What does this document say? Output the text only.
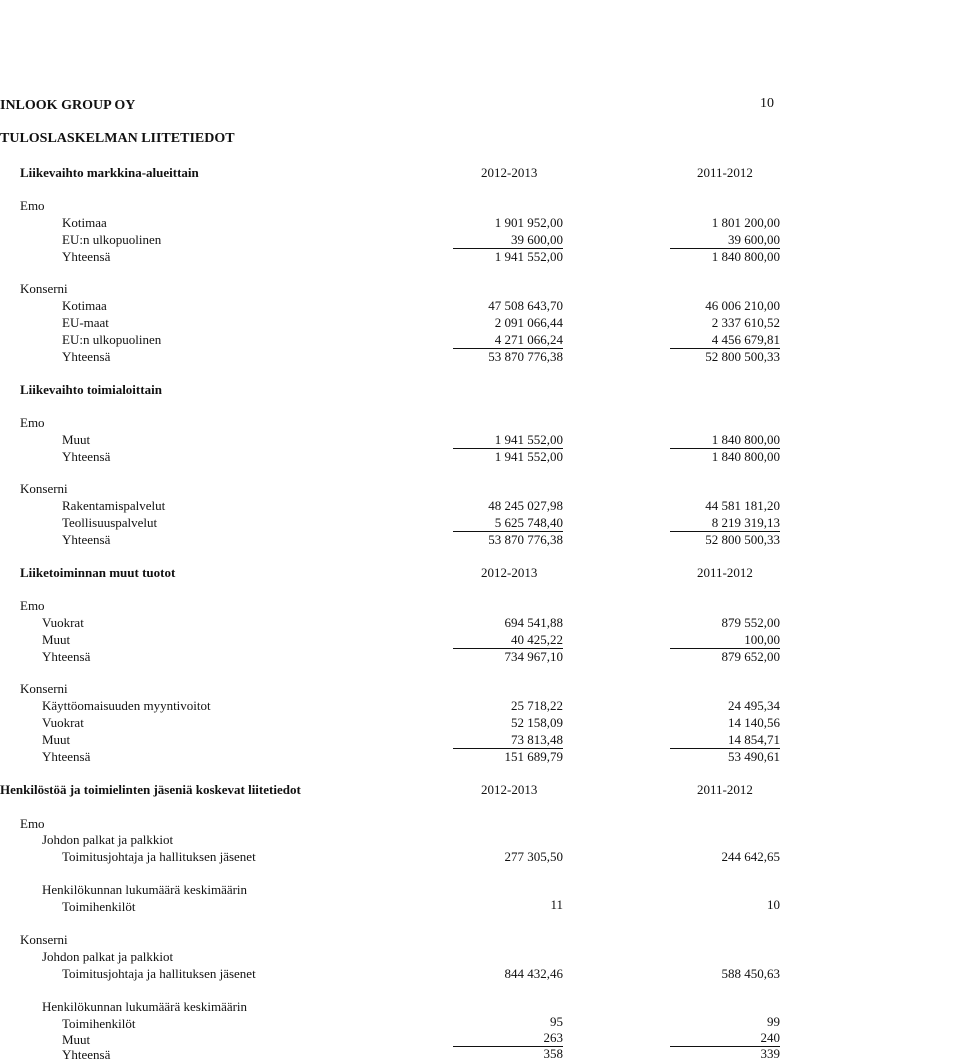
INLOOK GROUP OY	10
TULOSLASKELMAN LIITETIEDOT
Liikevaihto markkina-alueittain	2012-2013	2011-2012
Emo
Kotimaa	1 901 952,00	1 801 200,00
EU:n ulkopuolinen	39 600,00	39 600,00
Yhteensä	1 941 552,00	1 840 800,00
Konserni
Kotimaa	47 508 643,70	46 006 210,00
EU-maat	2 091 066,44	2 337 610,52
EU:n ulkopuolinen	4 271 066,24	4 456 679,81
Yhteensä	53 870 776,38	52 800 500,33
Liikevaihto toimialoittain
Emo
Muut	1 941 552,00	1 840 800,00
Yhteensä	1 941 552,00	1 840 800,00
Konserni
Rakentamispalvelut	48 245 027,98	44 581 181,20
Teollisuuspalvelut	5 625 748,40	8 219 319,13
Yhteensä	53 870 776,38	52 800 500,33
Liiketoiminnan muut tuotot	2012-2013	2011-2012
Emo
Vuokrat	694 541,88	879 552,00
Muut	40 425,22	100,00
Yhteensä	734 967,10	879 652,00
Konserni
Käyttöomaisuuden myyntivoitot	25 718,22	24 495,34
Vuokrat	52 158,09	14 140,56
Muut	73 813,48	14 854,71
Yhteensä	151 689,79	53 490,61
Henkilöstöä ja toimielinten jäseniä koskevat liitetiedot	2012-2013	2011-2012
Emo
Johdon palkat ja palkkiot
Toimitusjohtaja ja hallituksen jäsenet	277 305,50	244 642,65
Henkilökunnan lukumäärä keskimäärin
Toimihenkilöt	11	10
Konserni
Johdon palkat ja palkkiot
Toimitusjohtaja ja hallituksen jäsenet	844 432,46	588 450,63
Henkilökunnan lukumäärä keskimäärin
Toimihenkilöt	95	99
Muut	263	240
Yhteensä	358	339
